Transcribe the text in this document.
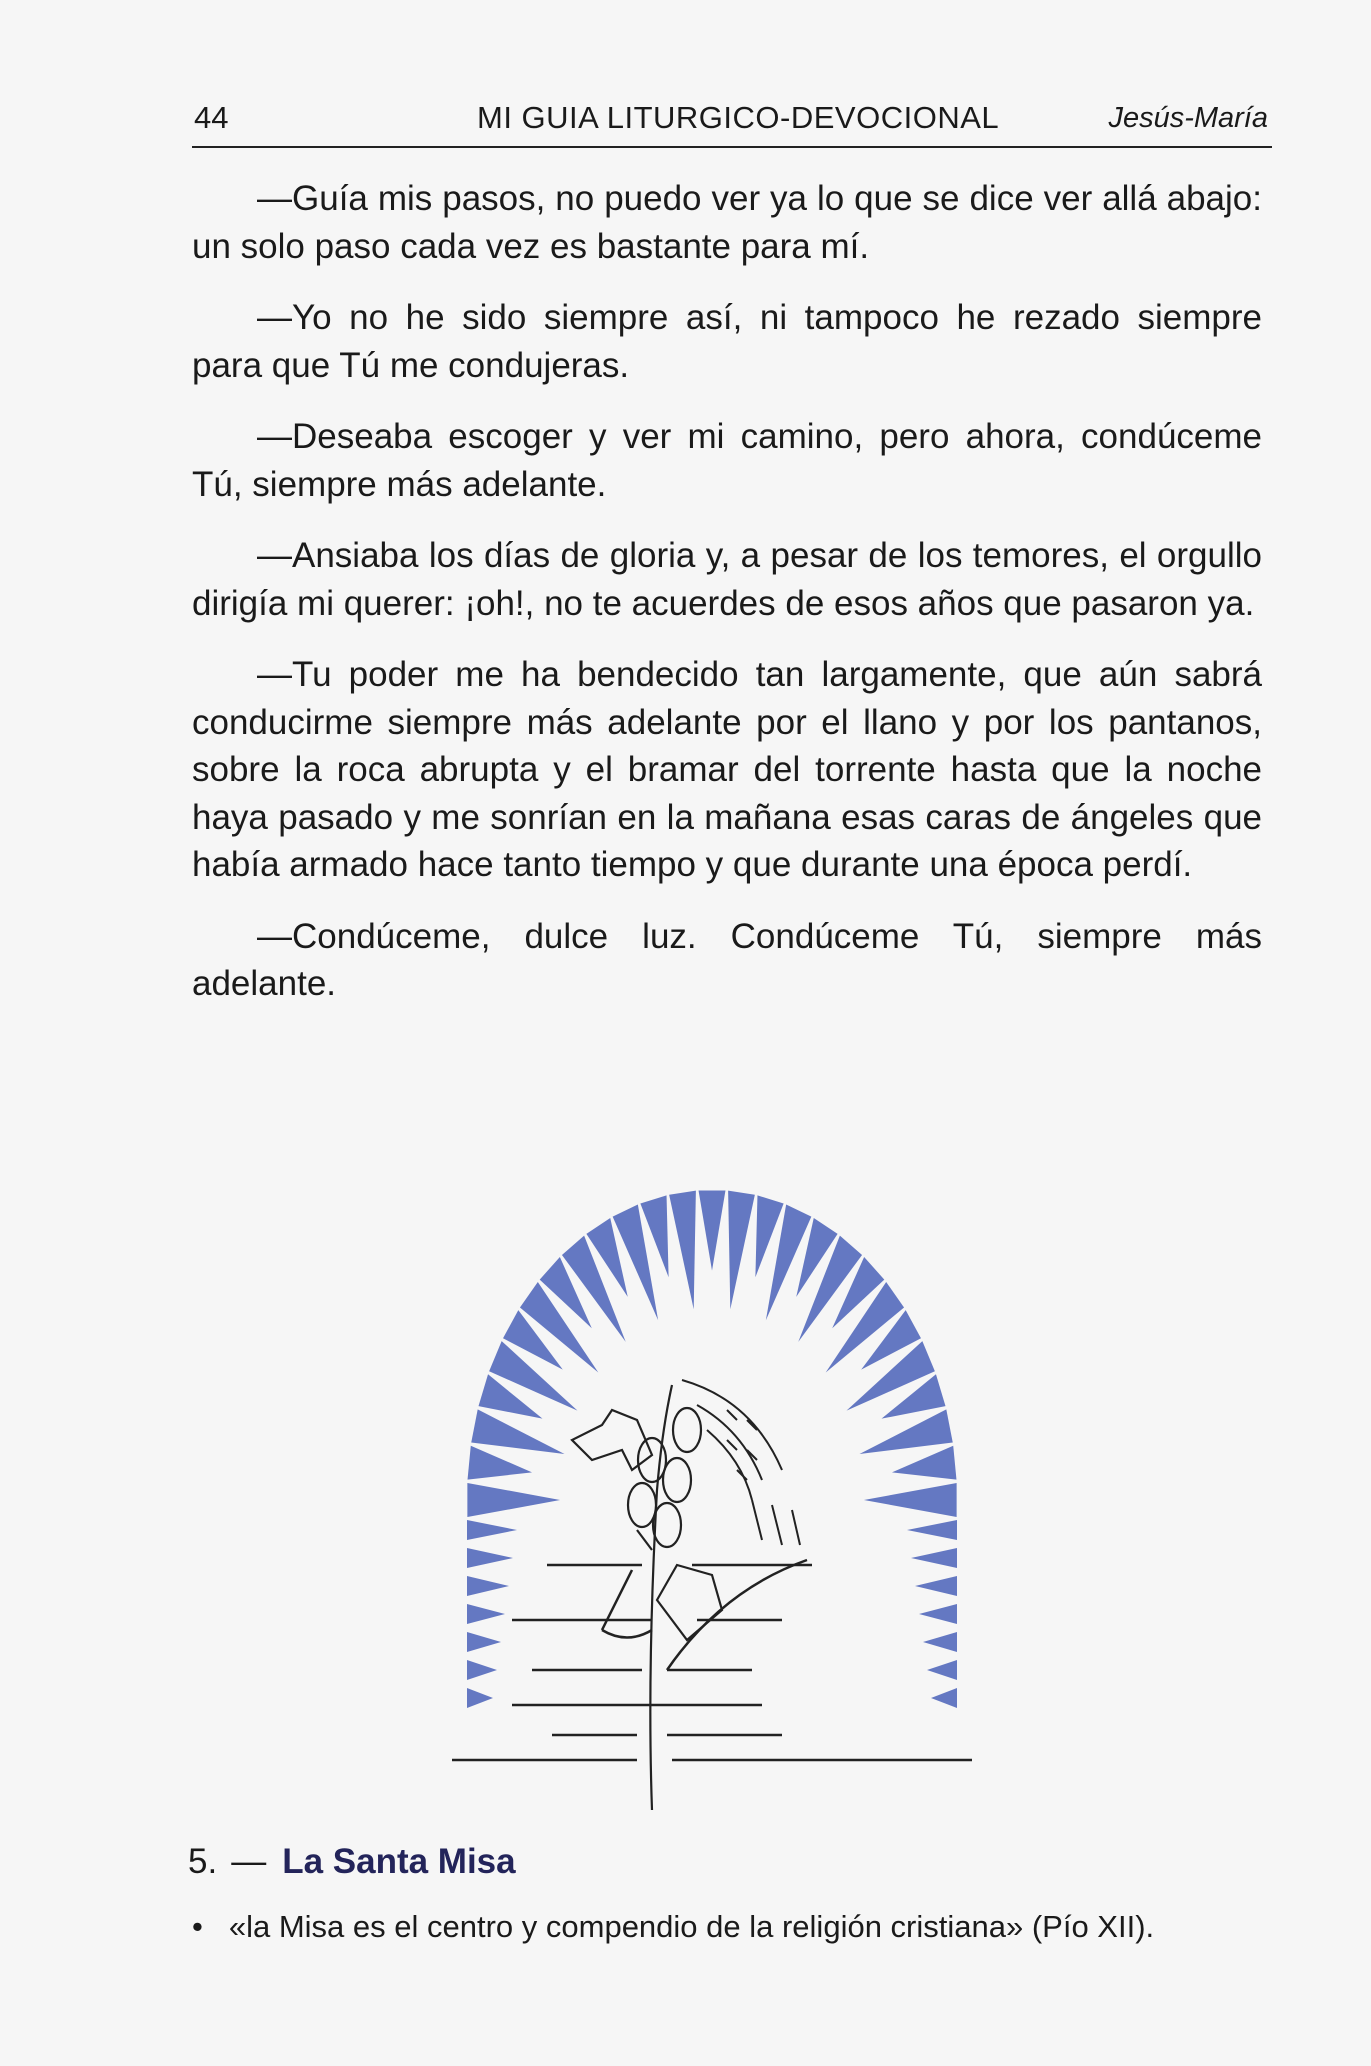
44	MI GUIA LITURGICO-DEVOCIONAL	Jesús-María

—Guía mis pasos, no puedo ver ya lo que se dice ver allá abajo: un solo paso cada vez es bastante para mí.

—Yo no he sido siempre así, ni tampoco he rezado siempre para que Tú me condujeras.

—Deseaba escoger y ver mi camino, pero ahora, condúceme Tú, siempre más adelante.

—Ansiaba los días de gloria y, a pesar de los temores, el orgullo dirigía mi querer: ¡oh!, no te acuerdes de esos años que pasaron ya.

—Tu poder me ha bendecido tan largamente, que aún sabrá conducirme siempre más adelante por el llano y por los pantanos, sobre la roca abrupta y el bramar del torrente hasta que la noche haya pasado y me sonrían en la mañana esas caras de ángeles que había armado hace tanto tiempo y que durante una época perdí.

—Condúceme, dulce luz. Condúceme Tú, siempre más adelante.

5. — La Santa Misa
• «la Misa es el centro y compendio de la religión cristiana» (Pío XII).
